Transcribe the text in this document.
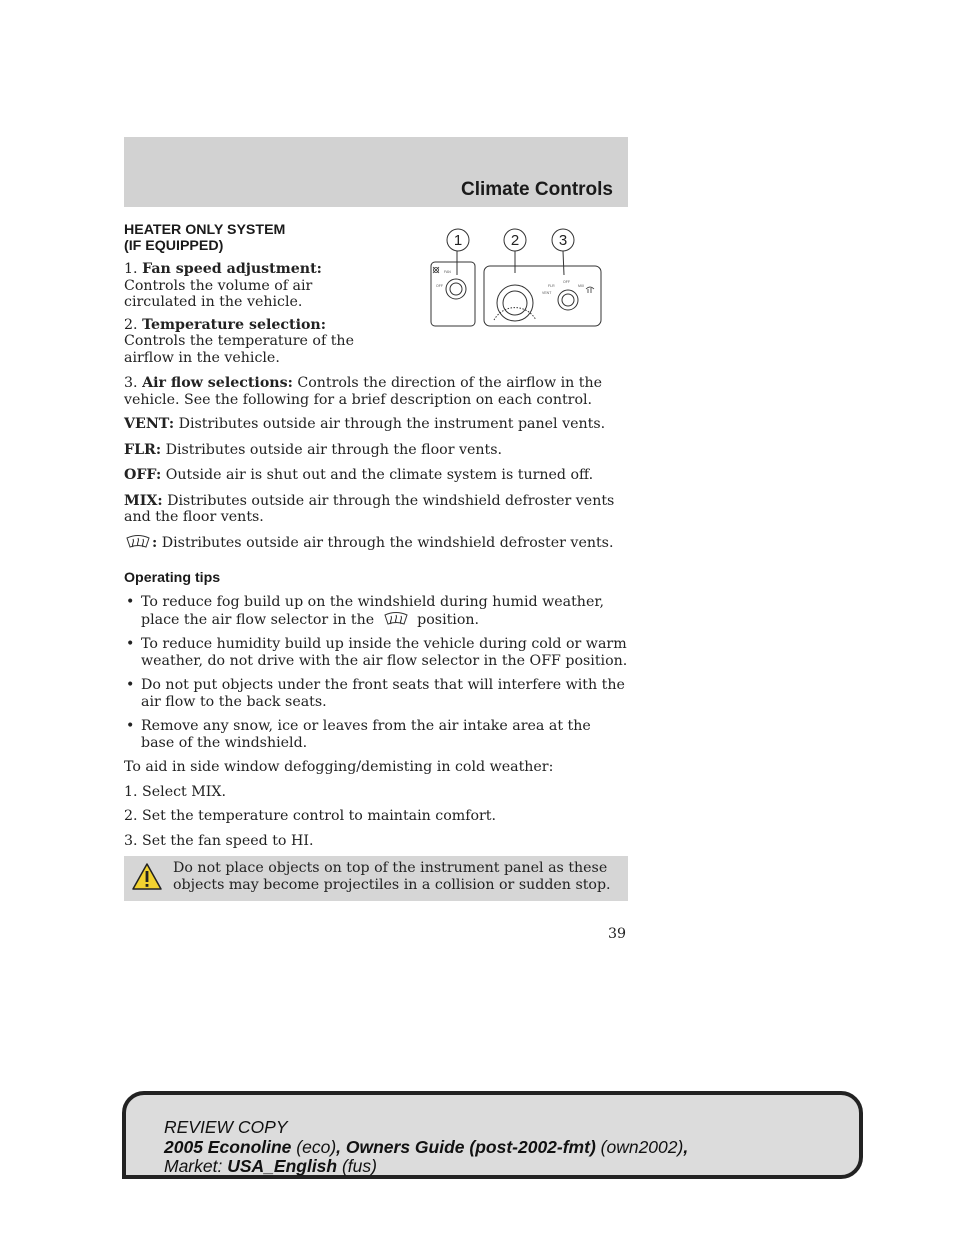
Climate Controls
HEATER ONLY SYSTEM
(IF EQUIPPED)

1. Fan speed adjustment: Controls the volume of air circulated in the vehicle.

2. Temperature selection: Controls the temperature of the airflow in the vehicle.

1	2	3
FAN
OFF	FLR
VENT
OFF
MIX

3. Air flow selections: Controls the direction of the airflow in the vehicle. See the following for a brief description on each control.

VENT: Distributes outside air through the instrument panel vents.

FLR: Distributes outside air through the floor vents.

OFF: Outside air is shut out and the climate system is turned off.

MIX: Distributes outside air through the windshield defroster vents and the floor vents.

: Distributes outside air through the windshield defroster vents.

Operating tips
• To reduce fog build up on the windshield during humid weather, place the air flow selector in the	position.
• To reduce humidity build up inside the vehicle during cold or warm weather, do not drive with the air flow selector in the OFF position.
• Do not put objects under the front seats that will interfere with the air flow to the back seats.
• Remove any snow, ice or leaves from the air intake area at the base of the windshield.

To aid in side window defogging/demisting in cold weather:

1. Select MIX.

2. Set the temperature control to maintain comfort.

3. Set the fan speed to HI.

Do not place objects on top of the instrument panel as these objects may become projectiles in a collision or sudden stop.
39
REVIEW COPY
2005 Econoline (eco), Owners Guide (post-2002-fmt) (own2002),
Market: USA_English (fus)
